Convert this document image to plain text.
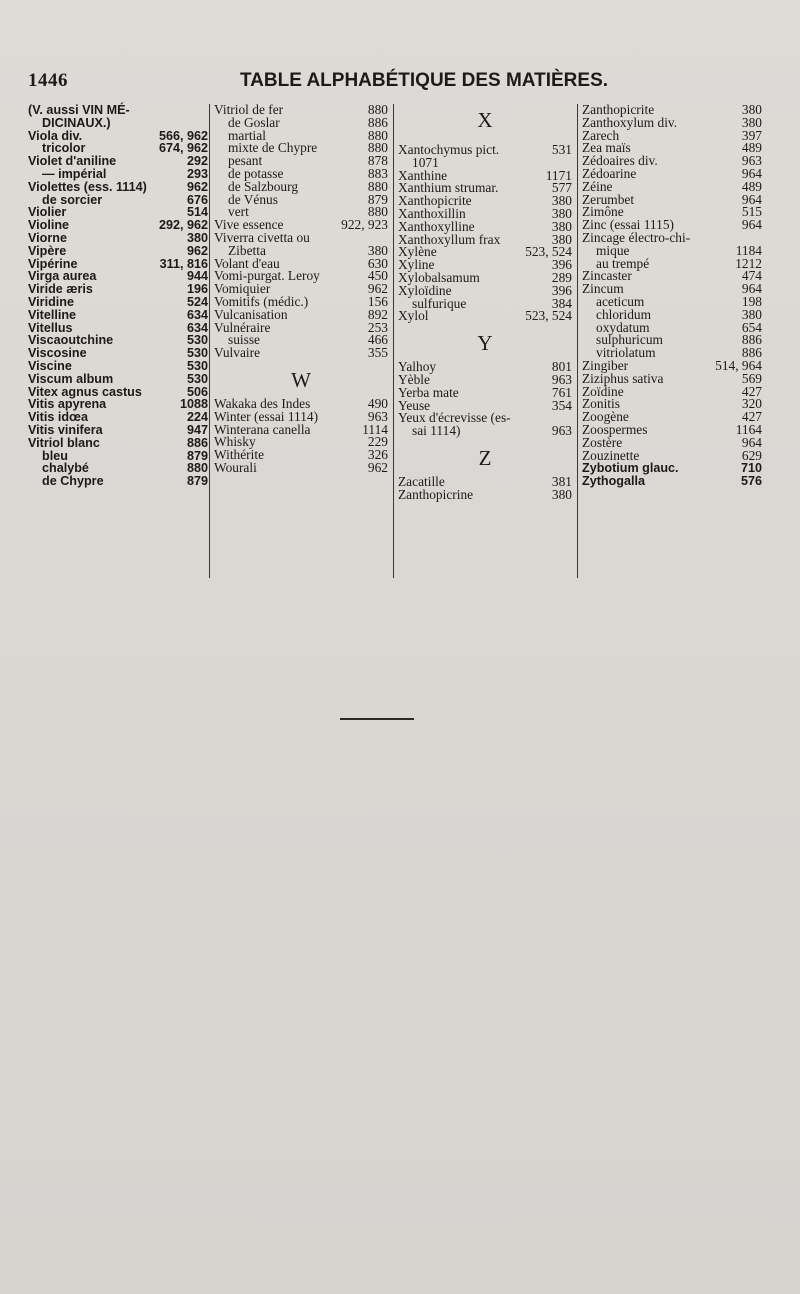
1446	TABLE ALPHABÉTIQUE DES MATIÈRES.
(V. aussi VIN MÉ-
DICINAUX.)
Viola div.	566, 962
tricolor	674, 962
Violet d'aniline	292
— impérial	293
Violettes (ess. 1114)	962
de sorcier	676
Violier	514
Violine	292, 962
Viorne	380
Vipère	962
Vipérine	311, 816
Virga aurea	944
Viride æris	196
Viridine	524
Vitelline	634
Vitellus	634
Viscaoutchine	530
Viscosine	530
Viscine	530
Viscum album	530
Vitex agnus castus	506
Vitis apyrena	1088
Vitis idœa	224
Vitis vinifera	947
Vitriol blanc	886
bleu	879
chalybé	880
de Chypre	879
Vitriol de fer	880
de Goslar	886
martial	880
mixte de Chypre	880
pesant	878
de potasse	883
de Salzbourg	880
de Vénus	879
vert	880
Vive essence	922, 923
Viverra civetta ou
Zibetta	380
Volant d'eau	630
Vomi-purgat. Leroy	450
Vomiquier	962
Vomitifs (médic.)	156
Vulcanisation	892
Vulnéraire	253
suisse	466
Vulvaire	355
W
Wakaka des Indes	490
Winter (essai 1114)	963
Winterana canella	1114
Whisky	229
Withérite	326
Wourali	962
X
Xantochymus pict.	531
1071
Xanthine	1171
Xanthium strumar.	577
Xanthopicrite	380
Xanthoxillin	380
Xanthoxylline	380
Xanthoxyllum frax	380
Xylène	523, 524
Xyline	396
Xylobalsamum	289
Xyloïdine	396
sulfurique	384
Xylol	523, 524
Y
Yalhoy	801
Yèble	963
Yerba mate	761
Yeuse	354
Yeux d'écrevisse (es-
sai 1114)	963
Z
Zacatille	381
Zanthopicrine	380
Zanthopicrite	380
Zanthoxylum div.	380
Zarech	397
Zea maïs	489
Zédoaires div.	963
Zédoarine	964
Zéine	489
Zerumbet	964
Zimône	515
Zinc (essai 1115)	964
Zincage électro-chi-
mique	1184
au trempé	1212
Zincaster	474
Zincum	964
aceticum	198
chloridum	380
oxydatum	654
sulphuricum	886
vitriolatum	886
Zingiber	514, 964
Ziziphus sativa	569
Zoïdine	427
Zonitis	320
Zoogène	427
Zoospermes	1164
Zostère	964
Zouzinette	629
Zybotium glauc.	710
Zythogalla	576
